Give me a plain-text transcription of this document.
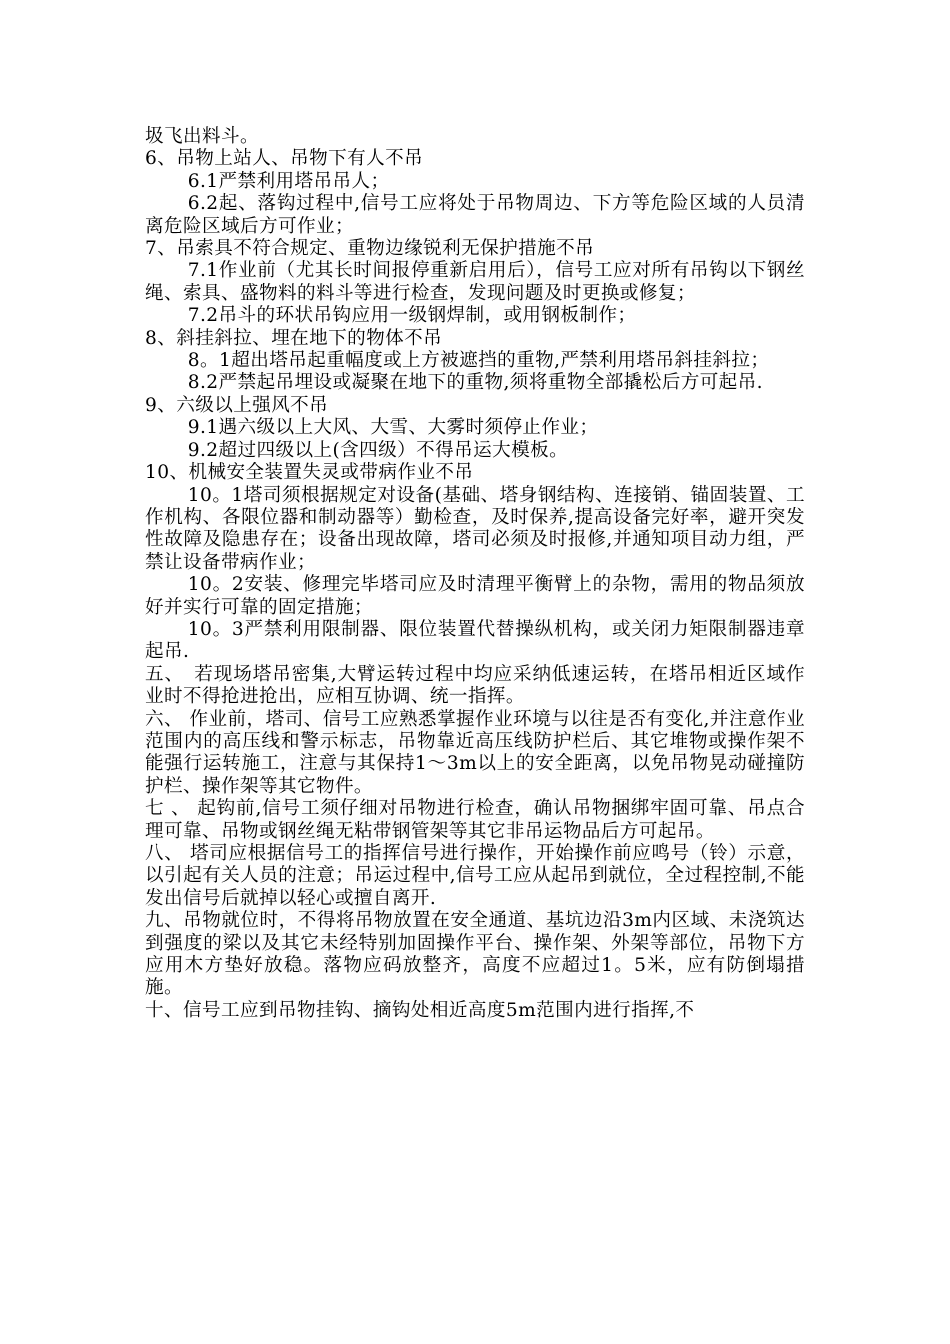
圾飞出料斗。

6、吊物上站人、吊物下有人不吊

6.1严禁利用塔吊吊人；

6.2起、落钩过程中,信号工应将处于吊物周边、下方等危险区域的人员清离危险区域后方可作业；

7、吊索具不符合规定、重物边缘锐利无保护措施不吊

7.1作业前（尤其长时间报停重新启用后），信号工应对所有吊钩以下钢丝绳、索具、盛物料的料斗等进行检查，发现问题及时更换或修复；

7.2吊斗的环状吊钩应用一级钢焊制，或用钢板制作；

8、斜挂斜拉、埋在地下的物体不吊

8。1超出塔吊起重幅度或上方被遮挡的重物,严禁利用塔吊斜挂斜拉；

8.2严禁起吊埋设或凝聚在地下的重物,须将重物全部撬松后方可起吊.

9、六级以上强风不吊

9.1遇六级以上大风、大雪、大雾时须停止作业；

9.2超过四级以上(含四级）不得吊运大模板。

10、机械安全装置失灵或带病作业不吊

10。1塔司须根据规定对设备(基础、塔身钢结构、连接销、锚固装置、工作机构、各限位器和制动器等）勤检查，及时保养,提高设备完好率，避开突发性故障及隐患存在；设备出现故障，塔司必须及时报修,并通知项目动力组，严禁让设备带病作业；

10。2安装、修理完毕塔司应及时清理平衡臂上的杂物，需用的物品须放好并实行可靠的固定措施；

10。3严禁利用限制器、限位装置代替操纵机构，或关闭力矩限制器违章起吊.

五、　若现场塔吊密集,大臂运转过程中均应采纳低速运转，在塔吊相近区域作业时不得抢进抢出，应相互协调、统一指挥。

六、 作业前，塔司、信号工应熟悉掌握作业环境与以往是否有变化,并注意作业范围内的高压线和警示标志，吊物靠近高压线防护栏后、其它堆物或操作架不能强行运转施工，注意与其保持1～3m以上的安全距离，以免吊物晃动碰撞防护栏、操作架等其它物件。

七 、 起钩前,信号工须仔细对吊物进行检查，确认吊物捆绑牢固可靠、吊点合理可靠、吊物或钢丝绳无粘带钢管架等其它非吊运物品后方可起吊。

八、 塔司应根据信号工的指挥信号进行操作，开始操作前应鸣号（铃）示意，以引起有关人员的注意；吊运过程中,信号工应从起吊到就位，全过程控制,不能发出信号后就掉以轻心或擅自离开.

九、吊物就位时，不得将吊物放置在安全通道、基坑边沿3m内区域、未浇筑达到强度的梁以及其它未经特别加固操作平台、操作架、外架等部位，吊物下方应用木方垫好放稳。落物应码放整齐，高度不应超过1。5米，应有防倒塌措施。

十、信号工应到吊物挂钩、摘钩处相近高度5m范围内进行指挥,不
